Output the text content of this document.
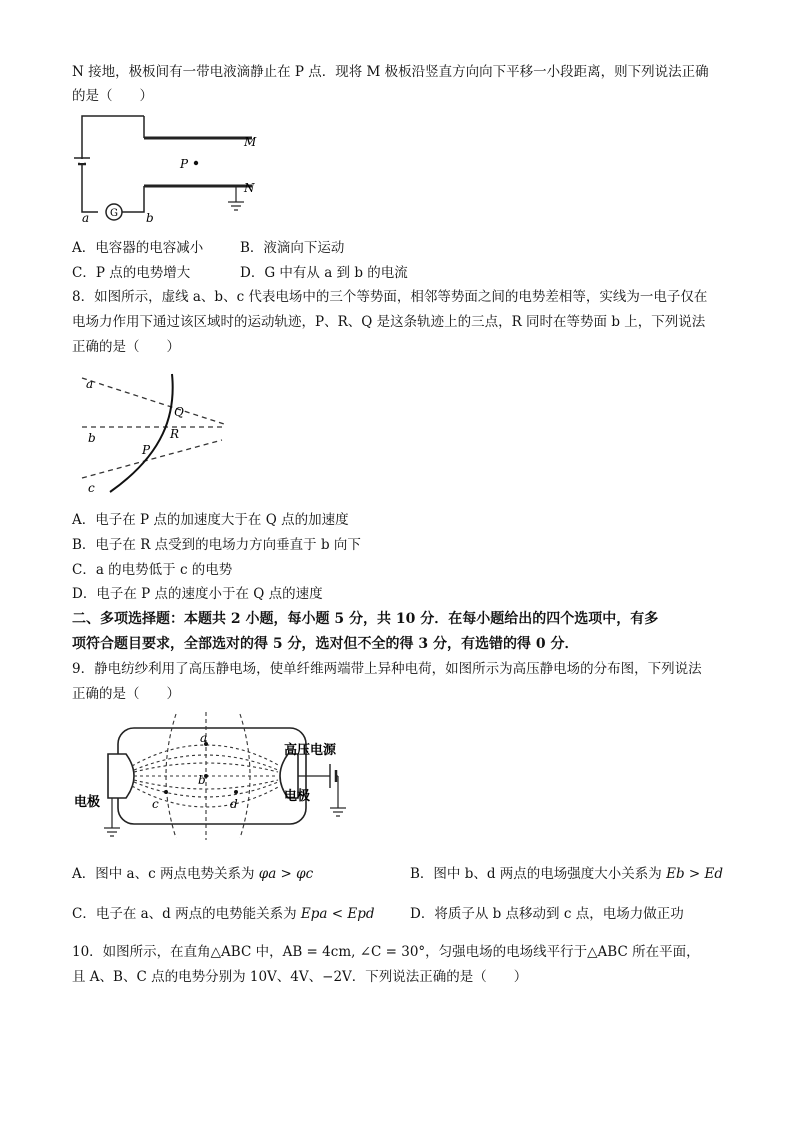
N 接地，极板间有一带电液滴静止在 P 点．现将 M 极板沿竖直方向向下平移一小段距离，则下列说法正确
的是（　　）
G
P
M
N
a	b
A．电容器的电容减小	B．液滴向下运动
C．P 点的电势增大	D．G 中有从 a 到 b 的电流
8．如图所示，虚线 a、b、c 代表电场中的三个等势面，相邻等势面之间的电势差相等，实线为一电子仅在
电场力作用下通过该区域时的运动轨迹，P、R、Q 是这条轨迹上的三点，R 同时在等势面 b 上，下列说法
正确的是（　　）
a
b
c
Q
R
P
A．电子在 P 点的加速度大于在 Q 点的加速度
B．电子在 R 点受到的电场力方向垂直于 b 向下
C．a 的电势低于 c 的电势
D．电子在 P 点的速度小于在 Q 点的速度
二、多项选择题：本题共 2 小题，每小题 5 分，共 10 分．在每小题给出的四个选项中，有多
项符合题目要求，全部选对的得 5 分，选对但不全的得 3 分，有选错的得 0 分．
9．静电纺纱利用了高压静电场，使单纤维两端带上异种电荷，如图所示为高压静电场的分布图，下列说法
正确的是（　　）
a
b
c	d
高压电源
电极	电极
A．图中 a、c 两点电势关系为 φa > φc	B．图中 b、d 两点的电场强度大小关系为 Eb > Ed
C．电子在 a、d 两点的电势能关系为 Epa < Epd	D．将质子从 b 点移动到 c 点，电场力做正功
10．如图所示，在直角△ABC 中，AB = 4cm, ∠C = 30°，匀强电场的电场线平行于△ABC 所在平面，
且 A、B、C 点的电势分别为 10V、4V、−2V．下列说法正确的是（　　）
